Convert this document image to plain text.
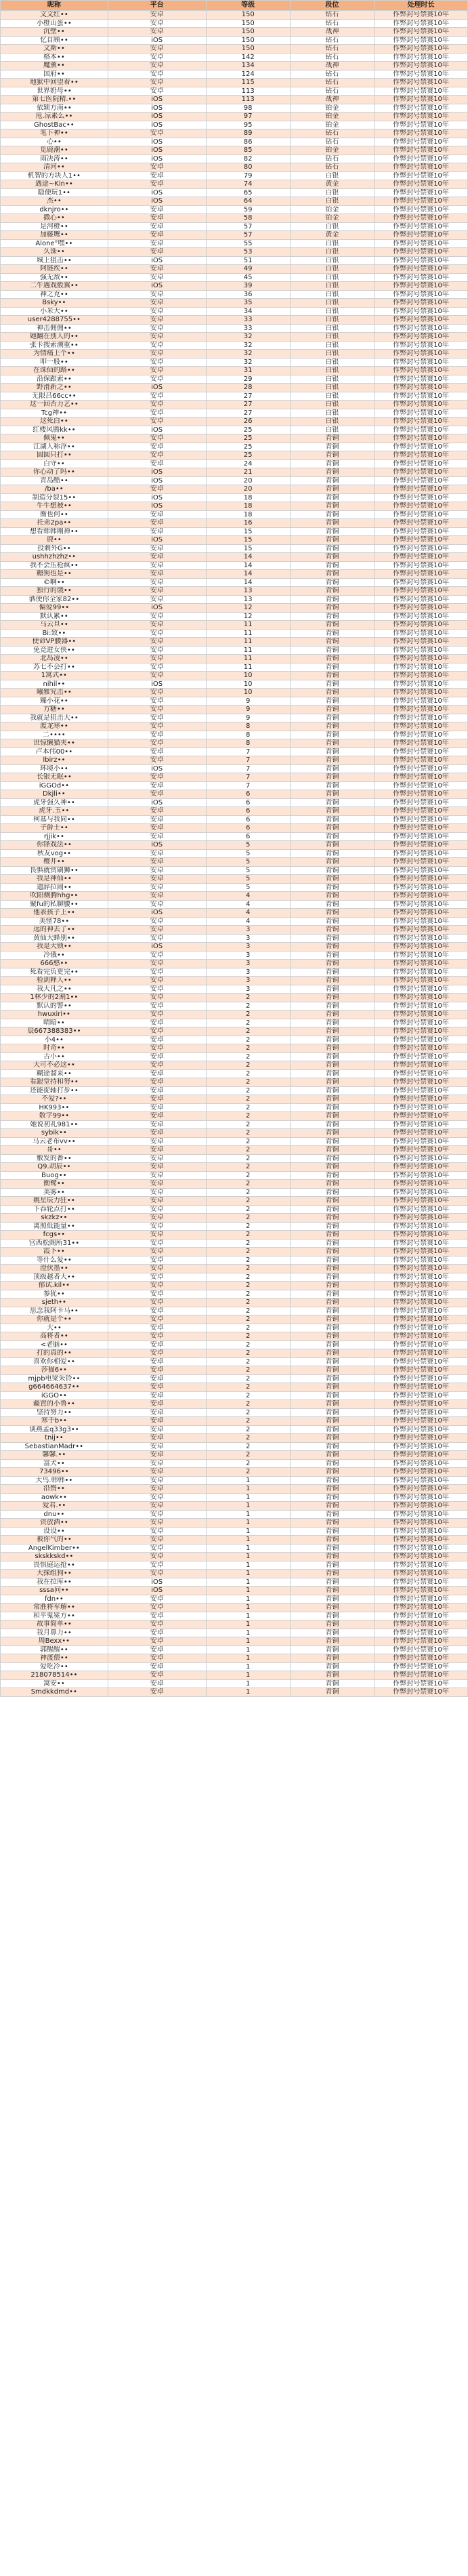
昵称	平台	等级	段位	处理时长
文文红••	安卓	150	钻石	作弊封号禁赛10年
小橙山蛋••	安卓	150	钻石	作弊封号禁赛10年
沉壁••	安卓	150	战神	作弊封号禁赛10年
忆自顾••	iOS	150	钻石	作弊封号禁赛10年
文斯••	安卓	150	钻石	作弊封号禁赛10年
格本••	安卓	142	钻石	作弊封号禁赛10年
魔薰••	安卓	134	战神	作弊封号禁赛10年
国府••	安卓	124	钻石	作弊封号禁赛10年
地狱中回望着••	安卓	115	钻石	作弊封号禁赛10年
世界奶母••	安卓	113	钻石	作弊封号禁赛10年
第七医院精.••	iOS	113	战神	作弊封号禁赛10年
依颖方南••	iOS	98	铂金	作弊封号禁赛10年
甩.凉素么••	iOS	97	铂金	作弊封号禁赛10年
GhostBac••	iOS	95	铂金	作弊封号禁赛10年
笔下神••	安卓	89	钻石	作弊封号禁赛10年
心••	iOS	86	钻石	作弊封号禁赛10年
觅鹿潮••	iOS	85	铂金	作弊封号禁赛10年
雨决涛••	iOS	82	钻石	作弊封号禁赛10年
清河••	安卓	80	钻石	作弊封号禁赛10年
机智的方块人1••	安卓	79	白银	作弊封号禁赛10年
遇途~Kin••	安卓	74	黄金	作弊封号禁赛10年
隐便玩1••	iOS	65	白银	作弊封号禁赛10年
杰••	iOS	64	白银	作弊封号禁赛10年
dknjro••	安卓	59	铂金	作弊封号禁赛10年
撒心••	安卓	58	铂金	作弊封号禁赛10年
是河橙••	安卓	57	白银	作弊封号禁赛10年
加藤鹰••	安卓	57	黄金	作弊封号禁赛10年
Alone°嘿••	安卓	55	白银	作弊封号禁赛10年
久诛••	安卓	53	白银	作弊封号禁赛10年
城上狙击••	iOS	51	白银	作弊封号禁赛10年
阿链疾••	安卓	49	白银	作弊封号禁赛10年
强无敌••	安卓	45	白银	作弊封号禁赛10年
二牛遇戏般翼••	iOS	39	白银	作弊封号禁赛10年
神之克••	安卓	36	白银	作弊封号禁赛10年
Bsky••	安卓	35	白银	作弊封号禁赛10年
小米大••	安卓	34	白银	作弊封号禁赛10年
user4288755••	安卓	33	白银	作弊封号禁赛10年
神击佣佣••	安卓	33	白银	作弊封号禁赛10年
她翻在别人的••	安卓	32	白银	作弊封号禁赛10年
张卡搜索溯重••	安卓	32	白银	作弊封号禁赛10年
为情痛上个••	安卓	32	白银	作弊封号禁赛10年
叩一般••	安卓	32	白银	作弊封号禁赛10年
在诛仙的路••	安卓	31	白银	作弊封号禁赛10年
沿保跟索••	安卓	29	白银	作弊封号禁赛10年
野滑新之••	iOS	28	白银	作弊封号禁赛10年
无限吕66cc••	安卓	27	白银	作弊封号禁赛10年
这一回否力艺••	安卓	27	白银	作弊封号禁赛10年
Tcg神••	安卓	27	白银	作弊封号禁赛10年
这死白••	安卓	26	白银	作弊封号禁赛10年
红楼风腾kk••	iOS	25	白银	作弊封号禁赛10年
佩鬼••	安卓	25	青铜	作弊封号禁赛10年
江湖人称浮••	安卓	25	青铜	作弊封号禁赛10年
圆圆只打••	安卓	25	青铜	作弊封号禁赛10年
白守••	安卓	24	青铜	作弊封号禁赛10年
你心动了吗••	iOS	21	青铜	作弊封号禁赛10年
青岛酷••	iOS	20	青铜	作弊封号禁赛10年
/ba••	安卓	20	青铜	作弊封号禁赛10年
制造分裂15••	iOS	18	青铜	作弊封号禁赛10年
牛牛想被••	iOS	18	青铜	作弊封号禁赛10年
衡也何••	安卓	18	青铜	作弊封号禁赛10年
托弟2pa••	安卓	16	青铜	作弊封号禁赛10年
想看韩韩刚禅••	安卓	15	青铜	作弊封号禁赛10年
鹿••	iOS	15	青铜	作弊封号禁赛10年
投刺外G••	安卓	15	青铜	作弊封号禁赛10年
ushhzhzhz••	安卓	14	青铜	作弊封号禁赛10年
我不会压枪疯••	安卓	14	青铜	作弊封号禁赛10年
糖狗也是••	安卓	14	青铜	作弊封号禁赛10年
©啊••	安卓	14	青铜	作弊封号禁赛10年
独行的饿••	安卓	13	青铜	作弊封号禁赛10年
洒使你全家82••	安卓	13	青铜	作弊封号禁赛10年
偏爱99••	iOS	12	青铜	作弊封号禁赛10年
默认累••	安卓	12	青铜	作弊封号禁赛10年
马云旦••	安卓	11	青铜	作弊封号禁赛10年
Bi:致••	安卓	11	青铜	作弊封号禁赛10年
使命VP腰器••	安卓	11	青铜	作弊封号禁赛10年
免竞进女侠••	安卓	11	青铜	作弊封号禁赛10年
北岛凌••	安卓	11	青铜	作弊封号禁赛10年
苏七不会打••	安卓	11	青铜	作弊封号禁赛10年
1寓式••	安卓	10	青铜	作弊封号禁赛10年
nihil••	iOS	10	青铜	作弊封号禁赛10年
曦雅究击••	安卓	10	青铜	作弊封号禁赛10年
臻小花••	安卓	9	青铜	作弊封号禁赛10年
方糖••	安卓	9	青铜	作弊封号禁赛10年
我就是狙击大••	安卓	9	青铜	作弊封号禁赛10年
渡龙寒••	安卓	8	青铜	作弊封号禁赛10年
二••••	安卓	8	青铜	作弊封号禁赛10年
世惊懒猫夹••	安卓	8	青铜	作弊封号禁赛10年
卢本伟00••	安卓	7	青铜	作弊封号禁赛10年
lbirz••	安卓	7	青铜	作弊封号禁赛10年
环境小••	iOS	7	青铜	作弊封号禁赛10年
长银无眠••	安卓	7	青铜	作弊封号禁赛10年
iGGOd••	安卓	7	青铜	作弊封号禁赛10年
Dkjli••	安卓	6	青铜	作弊封号禁赛10年
虎牙强久神••	iOS	6	青铜	作弊封号禁赛10年
虎牙.玉••	安卓	6	青铜	作弊封号禁赛10年
柯基与我同••	安卓	6	青铜	作弊封号禁赛10年
子爵士••	安卓	6	青铜	作弊封号禁赛10年
rjjik••	安卓	6	青铜	作弊封号禁赛10年
你锋戏法••	iOS	5	青铜	作弊封号禁赛10年
秋友vog••	安卓	5	青铜	作弊封号禁赛10年
樱井••	安卓	5	青铜	作弊封号禁赛10年
畏惧就赏刷狮••	安卓	5	青铜	作弊封号禁赛10年
我是神仙••	安卓	5	青铜	作弊封号禁赛10年
遗辞拉闹••	安卓	5	青铜	作弊封号禁赛10年
吹阳侧腾hhg••	安卓	4	青铜	作弊封号禁赛10年
聚fu的私聊腰••	安卓	4	青铜	作弊封号禁赛10年
他表孩子上••	iOS	4	青铜	作弊封号禁赛10年
美怪78••	安卓	4	青铜	作弊封号禁赛10年
远的神去了••	安卓	3	青铜	作弊封号禁赛10年
黄仙大蜂别••	安卓	3	青铜	作弊封号禁赛10年
我是大锁••	iOS	3	青铜	作弊封号禁赛10年
冷俄••	安卓	3	青铜	作弊封号禁赛10年
666憨••	安卓	3	青铜	作弊封号禁赛10年
死看完负更完••	安卓	3	青铜	作弊封号禁赛10年
检剑释人••	安卓	3	青铜	作弊封号禁赛10年
我大凡之••	安卓	3	青铜	作弊封号禁赛10年
1林少的2割1••	安卓	2	青铜	作弊封号禁赛10年
默认的警••	安卓	2	青铜	作弊封号禁赛10年
hwuxiri••	安卓	2	青铜	作弊封号禁赛10年
晴暗••	安卓	2	青铜	作弊封号禁赛10年
辰667388383••	安卓	2	青铜	作弊封号禁赛10年
小4••	安卓	2	青铜	作弊封号禁赛10年
时奇••	安卓	2	青铜	作弊封号禁赛10年
古小••	安卓	2	青铜	作弊封号禁赛10年
大可不必这••	安卓	2	青铜	作弊封号禁赛10年
糊途溜来••	安卓	2	青铜	作弊封号禁赛10年
看跟堂持和努••	安卓	2	青铜	作弊封号禁赛10年
还能捉轴打步••	安卓	2	青铜	作弊封号禁赛10年
不爱?••	安卓	2	青铜	作弊封号禁赛10年
HK993••	安卓	2	青铜	作弊封号禁赛10年
数字99••	安卓	2	青铜	作弊封号禁赛10年
她说初礼981••	安卓	2	青铜	作弊封号禁赛10年
sybik••	安卓	2	青铜	作弊封号禁赛10年
马云老布vv••	安卓	2	青铜	作弊封号禁赛10年
哥••	安卓	2	青铜	作弊封号禁赛10年
敷发的番••	安卓	2	青铜	作弊封号禁赛10年
Q9.胡辰••	安卓	2	青铜	作弊封号禁赛10年
Buog••	安卓	2	青铜	作弊封号禁赛10年
衡鹭••	安卓	2	青铜	作弊封号禁赛10年
美雾••	安卓	2	青铜	作弊封号禁赛10年
姚星辰力狂••	安卓	2	青铜	作弊封号禁赛10年
下吞轮点打••	安卓	2	青铜	作弊封号禁赛10年
skzkz••	安卓	2	青铜	作弊封号禁赛10年
离照低能量••	安卓	2	青铜	作弊封号禁赛10年
fcgs••	安卓	2	青铜	作弊封号禁赛10年
宫西松阁所31••	安卓	2	青铜	作弊封号禁赛10年
霞卜••	安卓	2	青铜	作弊封号禁赛10年
等什么爱••	安卓	2	青铜	作弊封号禁赛10年
澄伙墨••	安卓	2	青铜	作弊封号禁赛10年
顶级越者大••	安卓	2	青铜	作弊封号禁赛10年
郁试.kil••	安卓	2	青铜	作弊封号禁赛10年
参犹••	安卓	2	青铜	作弊封号禁赛10年
sjeth••	安卓	2	青铜	作弊封号禁赛10年
思念我阿卡马••	安卓	2	青铜	作弊封号禁赛10年
你就是个••	安卓	2	青铜	作弊封号禁赛10年
大••	安卓	2	青铜	作弊封号禁赛10年
高将者••	安卓	2	青铜	作弊封号禁赛10年
<老脑••	安卓	2	青铜	作弊封号禁赛10年
打的真的••	安卓	2	青铜	作弊封号禁赛10年
喜欢你相爱••	安卓	2	青铜	作弊封号禁赛10年
莎猫6••	安卓	2	青铜	作弊封号禁赛10年
mjpb电梁朱铃••	安卓	2	青铜	作弊封号禁赛10年
g664664637••	安卓	2	青铜	作弊封号禁赛10年
iGGO••	安卓	2	青铜	作弊封号禁赛10年
疆置的小鲁••	安卓	2	青铜	作弊封号禁赛10年
坚持努力••	安卓	2	青铜	作弊封号禁赛10年
寒于b••	安卓	2	青铜	作弊封号禁赛10年
谈燕孟q33g3••	安卓	2	青铜	作弊封号禁赛10年
tnij••	安卓	2	青铜	作弊封号禁赛10年
SebastianMadr••	安卓	2	青铜	作弊封号禁赛10年
馨馨.••	安卓	2	青铜	作弊封号禁赛10年
富犬••	安卓	2	青铜	作弊封号禁赛10年
73496••	安卓	2	青铜	作弊封号禁赛10年
大鸟.韩韩••	安卓	1	青铜	作弊封号禁赛10年
沿赘••	安卓	1	青铜	作弊封号禁赛10年
aowk••	安卓	1	青铜	作弊封号禁赛10年
爱君.••	安卓	1	青铜	作弊封号禁赛10年
dnu••	安卓	1	青铜	作弊封号禁赛10年
资放酒••	安卓	1	青铜	作弊封号禁赛10年
设设••	安卓	1	青铜	作弊封号禁赛10年
被你气的••	安卓	1	青铜	作弊封号禁赛10年
AngelKimber••	安卓	1	青铜	作弊封号禁赛10年
skskkskd••	安卓	1	青铜	作弊封号禁赛10年
畏惧庭运抢••	安卓	1	青铜	作弊封号禁赛10年
大探组狗••	安卓	1	青铜	作弊封号禁赛10年
我在拉库••	iOS	1	青铜	作弊封号禁赛10年
sssa问••	iOS	1	青铜	作弊封号禁赛10年
fdn••	安卓	1	青铜	作弊封号禁赛10年
常胜将军解••	安卓	1	青铜	作弊封号禁赛10年
和平鬼冕方••	安卓	1	青铜	作弊封号禁赛10年
故事简单••	安卓	1	青铜	作弊封号禁赛10年
我月鼻力••	安卓	1	青铜	作弊封号禁赛10年
周Bexx••	安卓	1	青铜	作弊封号禁赛10年
郭醒醒••	安卓	1	青铜	作弊封号禁赛10年
神渡偎••	安卓	1	青铜	作弊封号禁赛10年
爱吃冷••	安卓	1	青铜	作弊封号禁赛10年
218078514••	安卓	1	青铜	作弊封号禁赛10年
寓安••	安卓	1	青铜	作弊封号禁赛10年
Smdkkdmd••	安卓	1	青铜	作弊封号禁赛10年
